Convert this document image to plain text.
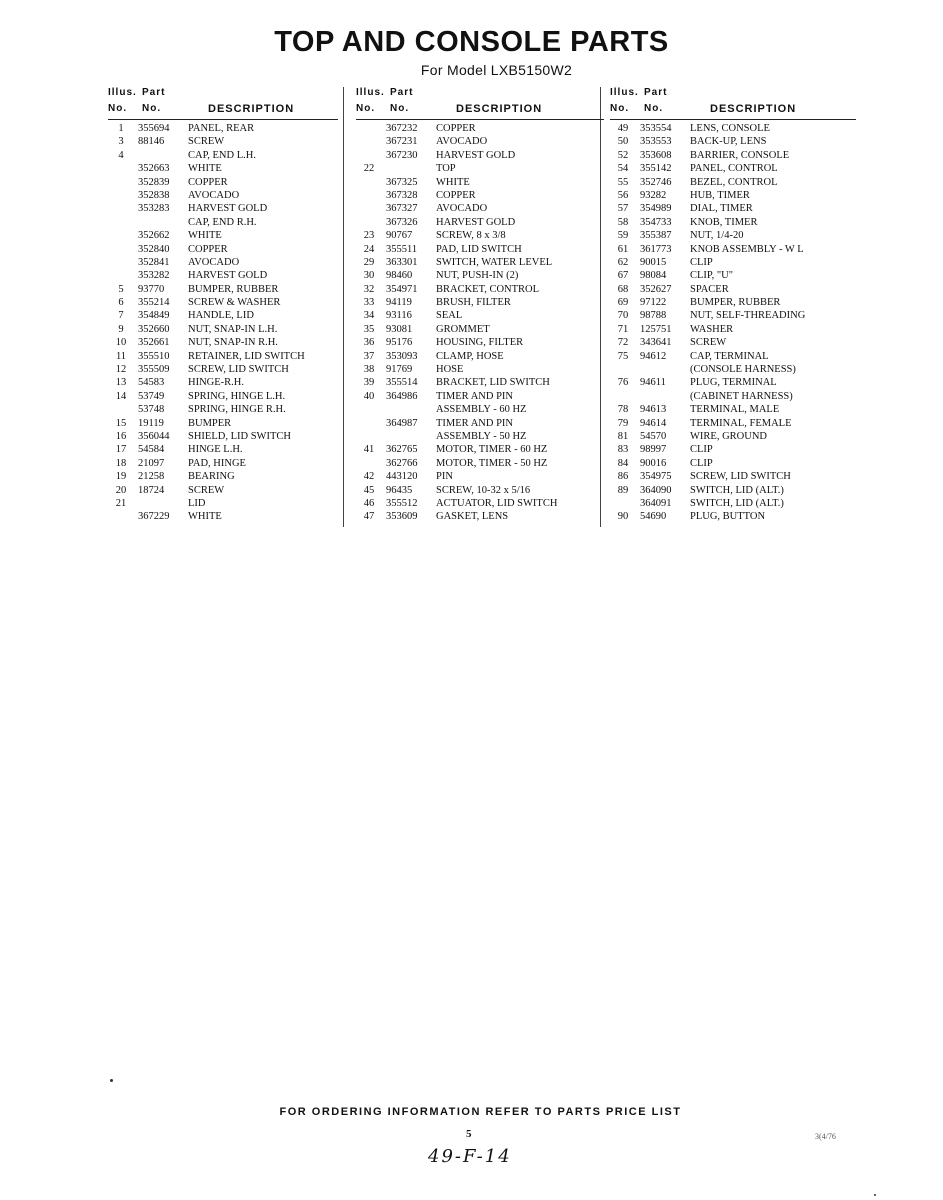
TOP AND CONSOLE PARTS
For Model LXB5150W2
Illus. Part
No. No.	DESCRIPTION
1	355694 PANEL, REAR
3	88146 SCREW
4	CAP, END L.H.
352663 WHITE
352839 COPPER
352838 AVOCADO
353283 HARVEST GOLD
CAP, END R.H.
352662 WHITE
352840 COPPER
352841 AVOCADO
353282 HARVEST GOLD
5	93770 BUMPER, RUBBER
6	355214 SCREW & WASHER
7	354849 HANDLE, LID
9	352660 NUT, SNAP-IN L.H.
10	352661 NUT, SNAP-IN R.H.
11	355510 RETAINER, LID SWITCH
12	355509 SCREW, LID SWITCH
13	54583 HINGE-R.H.
14	53749 SPRING, HINGE L.H.
53748 SPRING, HINGE R.H.
15	19119 BUMPER
16	356044 SHIELD, LID SWITCH
17	54584 HINGE L.H.
18	21097 PAD, HINGE
19	21258 BEARING
20	18724 SCREW
21	LID
367229 WHITE
Illus. Part
No. No.	DESCRIPTION
367232 COPPER
367231 AVOCADO
367230 HARVEST GOLD
22	TOP
367325 WHITE
367328 COPPER
367327 AVOCADO
367326 HARVEST GOLD
23	90767 SCREW, 8 x 3/8
24	355511 PAD, LID SWITCH
29	363301 SWITCH, WATER LEVEL
30	98460 NUT, PUSH-IN (2)
32	354971 BRACKET, CONTROL
33	94119 BRUSH, FILTER
34	93116 SEAL
35	93081 GROMMET
36	95176 HOUSING, FILTER
37	353093 CLAMP, HOSE
38	91769 HOSE
39	355514 BRACKET, LID SWITCH
40	364986 TIMER AND PIN
ASSEMBLY - 60 HZ
364987 TIMER AND PIN
ASSEMBLY - 50 HZ
41	362765 MOTOR, TIMER - 60 HZ
362766 MOTOR, TIMER - 50 HZ
42	443120 PIN
45	96435 SCREW, 10-32 x 5/16
46	355512 ACTUATOR, LID SWITCH
47	353609 GASKET, LENS
Illus. Part
No. No.	DESCRIPTION
49	353554 LENS, CONSOLE
50	353553 BACK-UP, LENS
52	353608 BARRIER, CONSOLE
54	355142 PANEL, CONTROL
55	352746 BEZEL, CONTROL
56	93282 HUB, TIMER
57	354989 DIAL, TIMER
58	354733 KNOB, TIMER
59	355387 NUT, 1/4-20
61	361773 KNOB ASSEMBLY - W L
62	90015 CLIP
67	98084 CLIP, "U"
68	352627 SPACER
69	97122 BUMPER, RUBBER
70	98788 NUT, SELF-THREADING
71	125751 WASHER
72	343641 SCREW
75	94612 CAP, TERMINAL
(CONSOLE HARNESS)
76	94611 PLUG, TERMINAL
(CABINET HARNESS)
78	94613 TERMINAL, MALE
79	94614 TERMINAL, FEMALE
81	54570 WIRE, GROUND
83	98997 CLIP
84	90016 CLIP
86	354975 SCREW, LID SWITCH
89	364090 SWITCH, LID (ALT.)
364091 SWITCH, LID (ALT.)
90	54690 PLUG, BUTTON
FOR ORDERING INFORMATION REFER TO PARTS PRICE LIST
5
49-F-14
3(4/76
